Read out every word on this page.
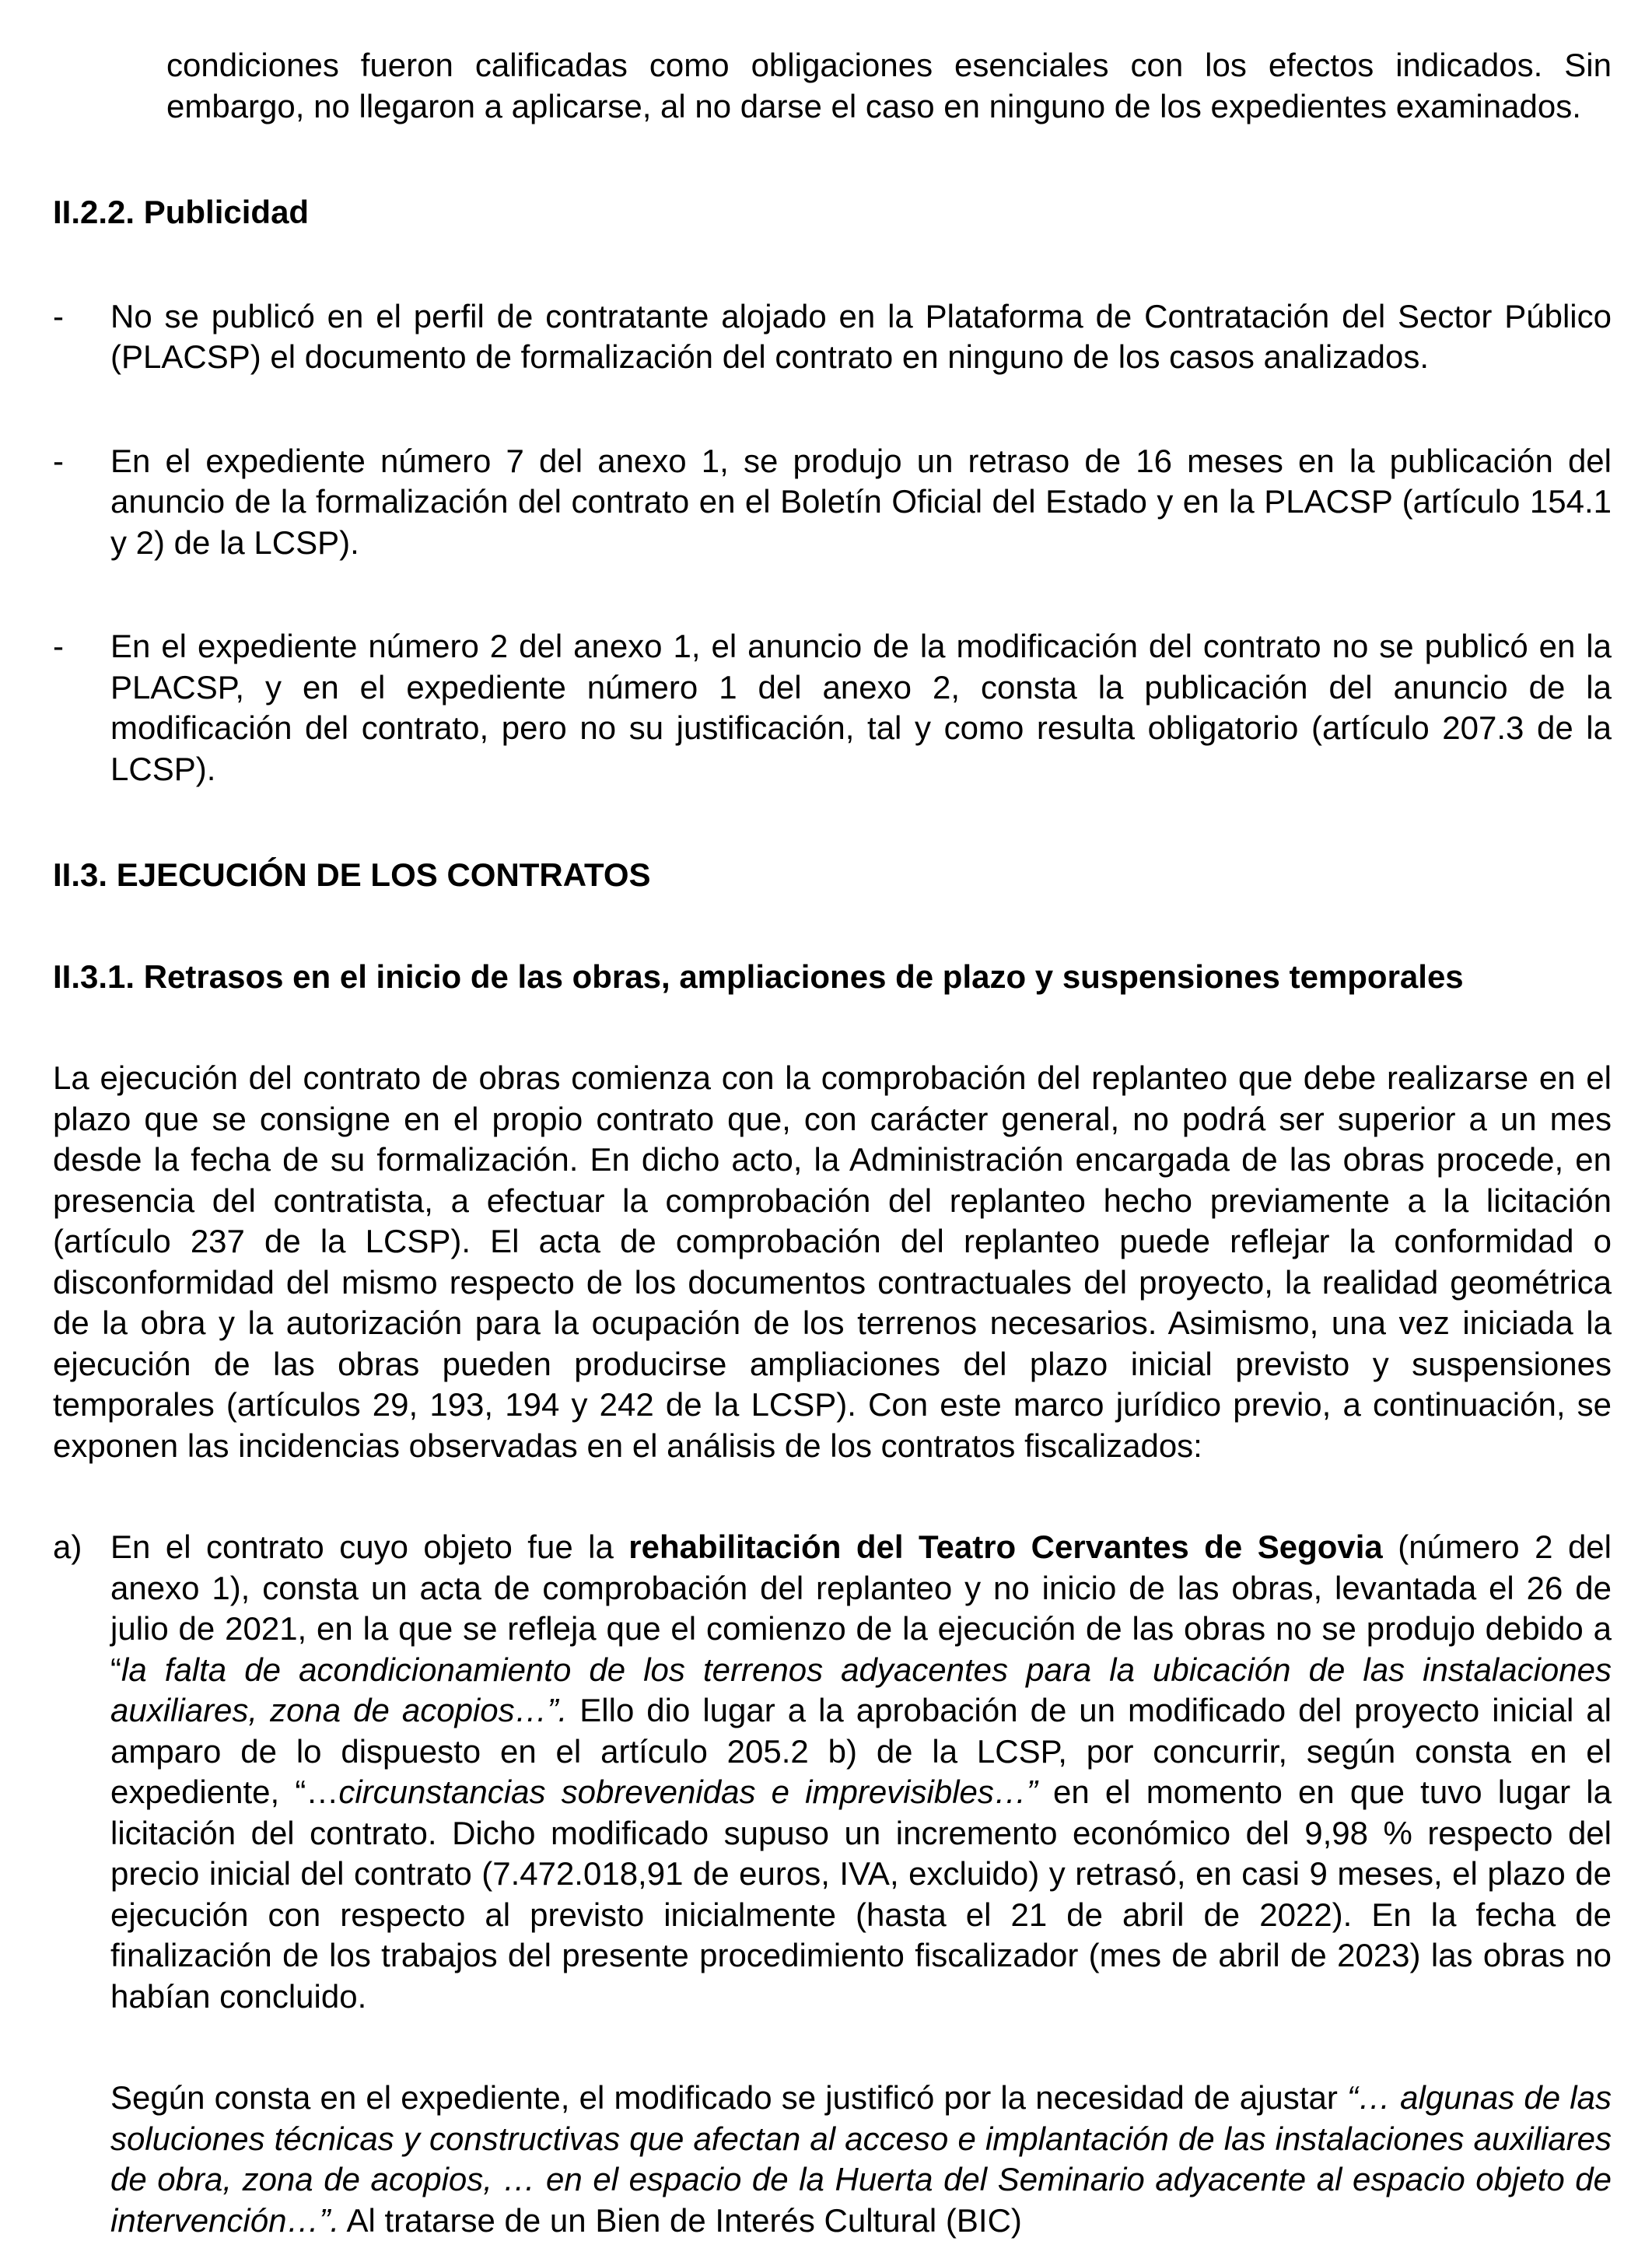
condiciones fueron calificadas como obligaciones esenciales con los efectos indicados. Sin embargo, no llegaron a aplicarse, al no darse el caso en ninguno de los expedientes examinados.

II.2.2. Publicidad
- No se publicó en el perfil de contratante alojado en la Plataforma de Contratación del Sector Público (PLACSP) el documento de formalización del contrato en ninguno de los casos analizados.
- En el expediente número 7 del anexo 1, se produjo un retraso de 16 meses en la publicación del anuncio de la formalización del contrato en el Boletín Oficial del Estado y en la PLACSP (artículo 154.1 y 2) de la LCSP).
- En el expediente número 2 del anexo 1, el anuncio de la modificación del contrato no se publicó en la PLACSP, y en el expediente número 1 del anexo 2, consta la publicación del anuncio de la modificación del contrato, pero no su justificación, tal y como resulta obligatorio (artículo 207.3 de la LCSP).
II.3. EJECUCIÓN DE LOS CONTRATOS
II.3.1. Retrasos en el inicio de las obras, ampliaciones de plazo y suspensiones temporales

La ejecución del contrato de obras comienza con la comprobación del replanteo que debe realizarse en el plazo que se consigne en el propio contrato que, con carácter general, no podrá ser superior a un mes desde la fecha de su formalización. En dicho acto, la Administración encargada de las obras procede, en presencia del contratista, a efectuar la comprobación del replanteo hecho previamente a la licitación (artículo 237 de la LCSP). El acta de comprobación del replanteo puede reflejar la conformidad o disconformidad del mismo respecto de los documentos contractuales del proyecto, la realidad geométrica de la obra y la autorización para la ocupación de los terrenos necesarios. Asimismo, una vez iniciada la ejecución de las obras pueden producirse ampliaciones del plazo inicial previsto y suspensiones temporales (artículos 29, 193, 194 y 242 de la LCSP). Con este marco jurídico previo, a continuación, se exponen las incidencias observadas en el análisis de los contratos fiscalizados:

a) En el contrato cuyo objeto fue la rehabilitación del Teatro Cervantes de Segovia (número 2 del anexo 1), consta un acta de comprobación del replanteo y no inicio de las obras, levantada el 26 de julio de 2021, en la que se refleja que el comienzo de la ejecución de las obras no se produjo debido a “la falta de acondicionamiento de los terrenos adyacentes para la ubicación de las instalaciones auxiliares, zona de acopios…”. Ello dio lugar a la aprobación de un modificado del proyecto inicial al amparo de lo dispuesto en el artículo 205.2 b) de la LCSP, por concurrir, según consta en el expediente, “…circunstancias sobrevenidas e imprevisibles…” en el momento en que tuvo lugar la licitación del contrato. Dicho modificado supuso un incremento económico del 9,98 % respecto del precio inicial del contrato (7.472.018,91 de euros, IVA, excluido) y retrasó, en casi 9 meses, el plazo de ejecución con respecto al previsto inicialmente (hasta el 21 de abril de 2022). En la fecha de finalización de los trabajos del presente procedimiento fiscalizador (mes de abril de 2023) las obras no habían concluido.
Según consta en el expediente, el modificado se justificó por la necesidad de ajustar “… algunas de las soluciones técnicas y constructivas que afectan al acceso e implantación de las instalaciones auxiliares de obra, zona de acopios, … en el espacio de la Huerta del Seminario adyacente al espacio objeto de intervención…”. Al tratarse de un Bien de Interés Cultural (BIC)
